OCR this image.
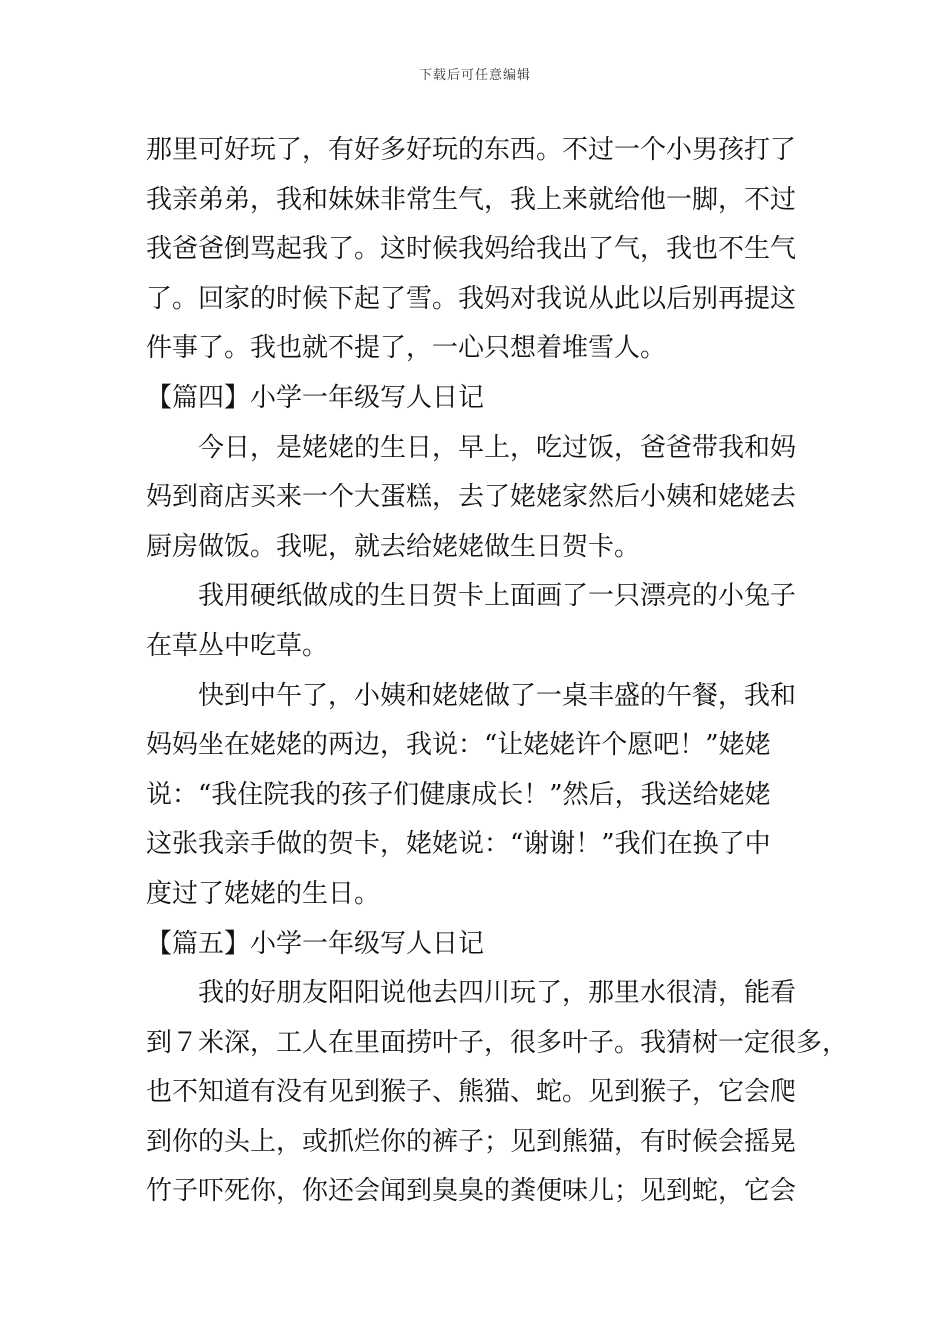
下载后可任意编辑
那里可好玩了，有好多好玩的东西。不过一个小男孩打了
我亲弟弟，我和妹妹非常生气，我上来就给他一脚，不过
我爸爸倒骂起我了。这时候我妈给我出了气，我也不生气
了。回家的时候下起了雪。我妈对我说从此以后别再提这
件事了。我也就不提了，一心只想着堆雪人。
【篇四】小学一年级写人日记
今日，是姥姥的生日，早上，吃过饭，爸爸带我和妈
妈到商店买来一个大蛋糕，去了姥姥家然后小姨和姥姥去
厨房做饭。我呢，就去给姥姥做生日贺卡。
我用硬纸做成的生日贺卡上面画了一只漂亮的小兔子
在草丛中吃草。
快到中午了，小姨和姥姥做了一桌丰盛的午餐，我和
妈妈坐在姥姥的两边，我说：“让姥姥许个愿吧！”姥姥
说：“我住院我的孩子们健康成长！”然后，我送给姥姥
这张我亲手做的贺卡，姥姥说：“谢谢！”我们在换了中
度过了姥姥的生日。
【篇五】小学一年级写人日记
我的好朋友阳阳说他去四川玩了，那里水很清，能看
到７米深，工人在里面捞叶子，很多叶子。我猜树一定很多，
也不知道有没有见到猴子、熊猫、蛇。见到猴子，它会爬
到你的头上，或抓烂你的裤子；见到熊猫，有时候会摇晃
竹子吓死你，你还会闻到臭臭的粪便味儿；见到蛇，它会
